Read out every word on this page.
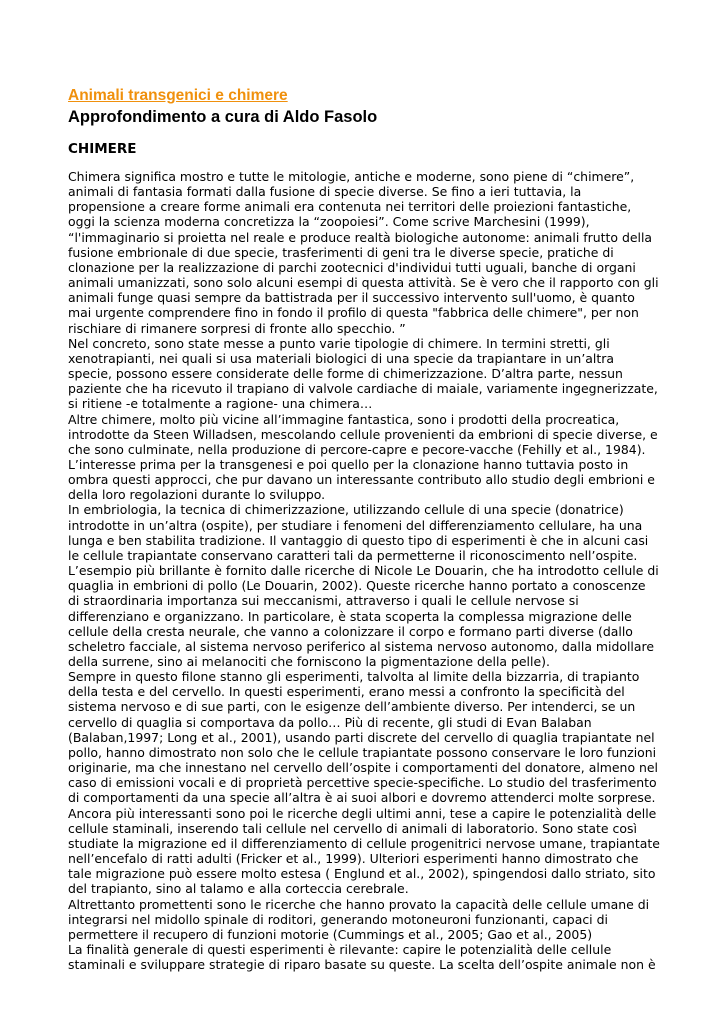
Animali transgenici e chimere
Approfondimento a cura di Aldo Fasolo
CHIMERE

Chimera significa mostro e tutte le mitologie, antiche e moderne, sono piene di “chimere”, animali di fantasia formati dalla fusione di specie diverse. Se fino a ieri tuttavia, la propensione a creare forme animali era contenuta nei territori delle proiezioni fantastiche, oggi la scienza moderna concretizza la “zoopoiesi”. Come scrive Marchesini (1999), “l'immaginario si proietta nel reale e produce realtà biologiche autonome: animali frutto della fusione embrionale di due specie, trasferimenti di geni tra le diverse specie, pratiche di clonazione per la realizzazione di parchi zootecnici d'individui tutti uguali, banche di organi animali umanizzati, sono solo alcuni esempi di questa attività. Se è vero che il rapporto con gli animali funge quasi sempre da battistrada per il successivo intervento sull'uomo, è quanto mai urgente comprendere fino in fondo il profilo di questa "fabbrica delle chimere", per non rischiare di rimanere sorpresi di fronte allo specchio. ”

Nel concreto, sono state messe a punto varie tipologie di chimere. In termini stretti, gli xenotrapianti, nei quali si usa materiali biologici di una specie da trapiantare in un’altra specie, possono essere considerate delle forme di chimerizzazione. D’altra parte, nessun paziente che ha ricevuto il trapiano di valvole cardiache di maiale, variamente ingegnerizzate, si ritiene -e totalmente a ragione- una chimera…

Altre chimere, molto più vicine all’immagine fantastica, sono i prodotti della procreatica, introdotte da Steen Willadsen, mescolando cellule provenienti da embrioni di specie diverse, e che sono culminate, nella produzione di percore-capre e pecore-vacche (Fehilly et al., 1984). L’interesse prima per la transgenesi e poi quello per la clonazione hanno tuttavia posto in ombra questi approcci, che pur davano un interessante contributo allo studio degli embrioni e della loro regolazioni durante lo sviluppo.

In embriologia, la tecnica di chimerizzazione, utilizzando cellule di una specie (donatrice) introdotte in un’altra (ospite), per studiare i fenomeni del differenziamento cellulare, ha una lunga e ben stabilita tradizione. Il vantaggio di questo tipo di esperimenti è che in alcuni casi le cellule trapiantate conservano caratteri tali da permetterne il riconoscimento nell’ospite.

L’esempio più brillante è fornito dalle ricerche di Nicole Le Douarin, che ha introdotto cellule di quaglia in embrioni di pollo (Le Douarin, 2002). Queste ricerche hanno portato a conoscenze di straordinaria importanza sui meccanismi, attraverso i quali le cellule nervose si differenziano e organizzano. In particolare, è stata scoperta la complessa migrazione delle cellule della cresta neurale, che vanno a colonizzare il corpo e formano parti diverse (dallo scheletro facciale, al sistema nervoso periferico al sistema nervoso autonomo, dalla midollare della surrene, sino ai melanociti che forniscono la pigmentazione della pelle).

Sempre in questo filone stanno gli esperimenti, talvolta al limite della bizzarria, di trapianto della testa e del cervello. In questi esperimenti, erano messi a confronto la specificità del sistema nervoso e di sue parti, con le esigenze dell’ambiente diverso. Per intenderci, se un cervello di quaglia si comportava da pollo… Più di recente, gli studi di Evan Balaban (Balaban,1997; Long et al., 2001), usando parti discrete del cervello di quaglia trapiantate nel pollo, hanno dimostrato non solo che le cellule trapiantate possono conservare le loro funzioni originarie, ma che innestano nel cervello dell’ospite i comportamenti del donatore, almeno nel caso di emissioni vocali e di proprietà percettive specie-specifiche. Lo studio del trasferimento di comportamenti da una specie all’altra è ai suoi albori e dovremo attenderci molte sorprese.

Ancora più interessanti sono poi le ricerche degli ultimi anni, tese a capire le potenzialità delle cellule staminali, inserendo tali cellule nel cervello di animali di laboratorio. Sono state così studiate la migrazione ed il differenziamento di cellule progenitrici nervose umane, trapiantate nell’encefalo di ratti adulti (Fricker et al., 1999). Ulteriori esperimenti hanno dimostrato che tale migrazione può essere molto estesa ( Englund et al., 2002), spingendosi dallo striato, sito del trapianto, sino al talamo e alla corteccia cerebrale.

Altrettanto promettenti sono le ricerche che hanno provato la capacità delle cellule umane di integrarsi nel midollo spinale di roditori, generando motoneuroni funzionanti, capaci di permettere il recupero di funzioni motorie (Cummings et al., 2005; Gao et al., 2005)

La finalità generale di questi esperimenti è rilevante: capire le potenzialità delle cellule staminali e sviluppare strategie di riparo basate su queste. La scelta dell’ospite animale non è
